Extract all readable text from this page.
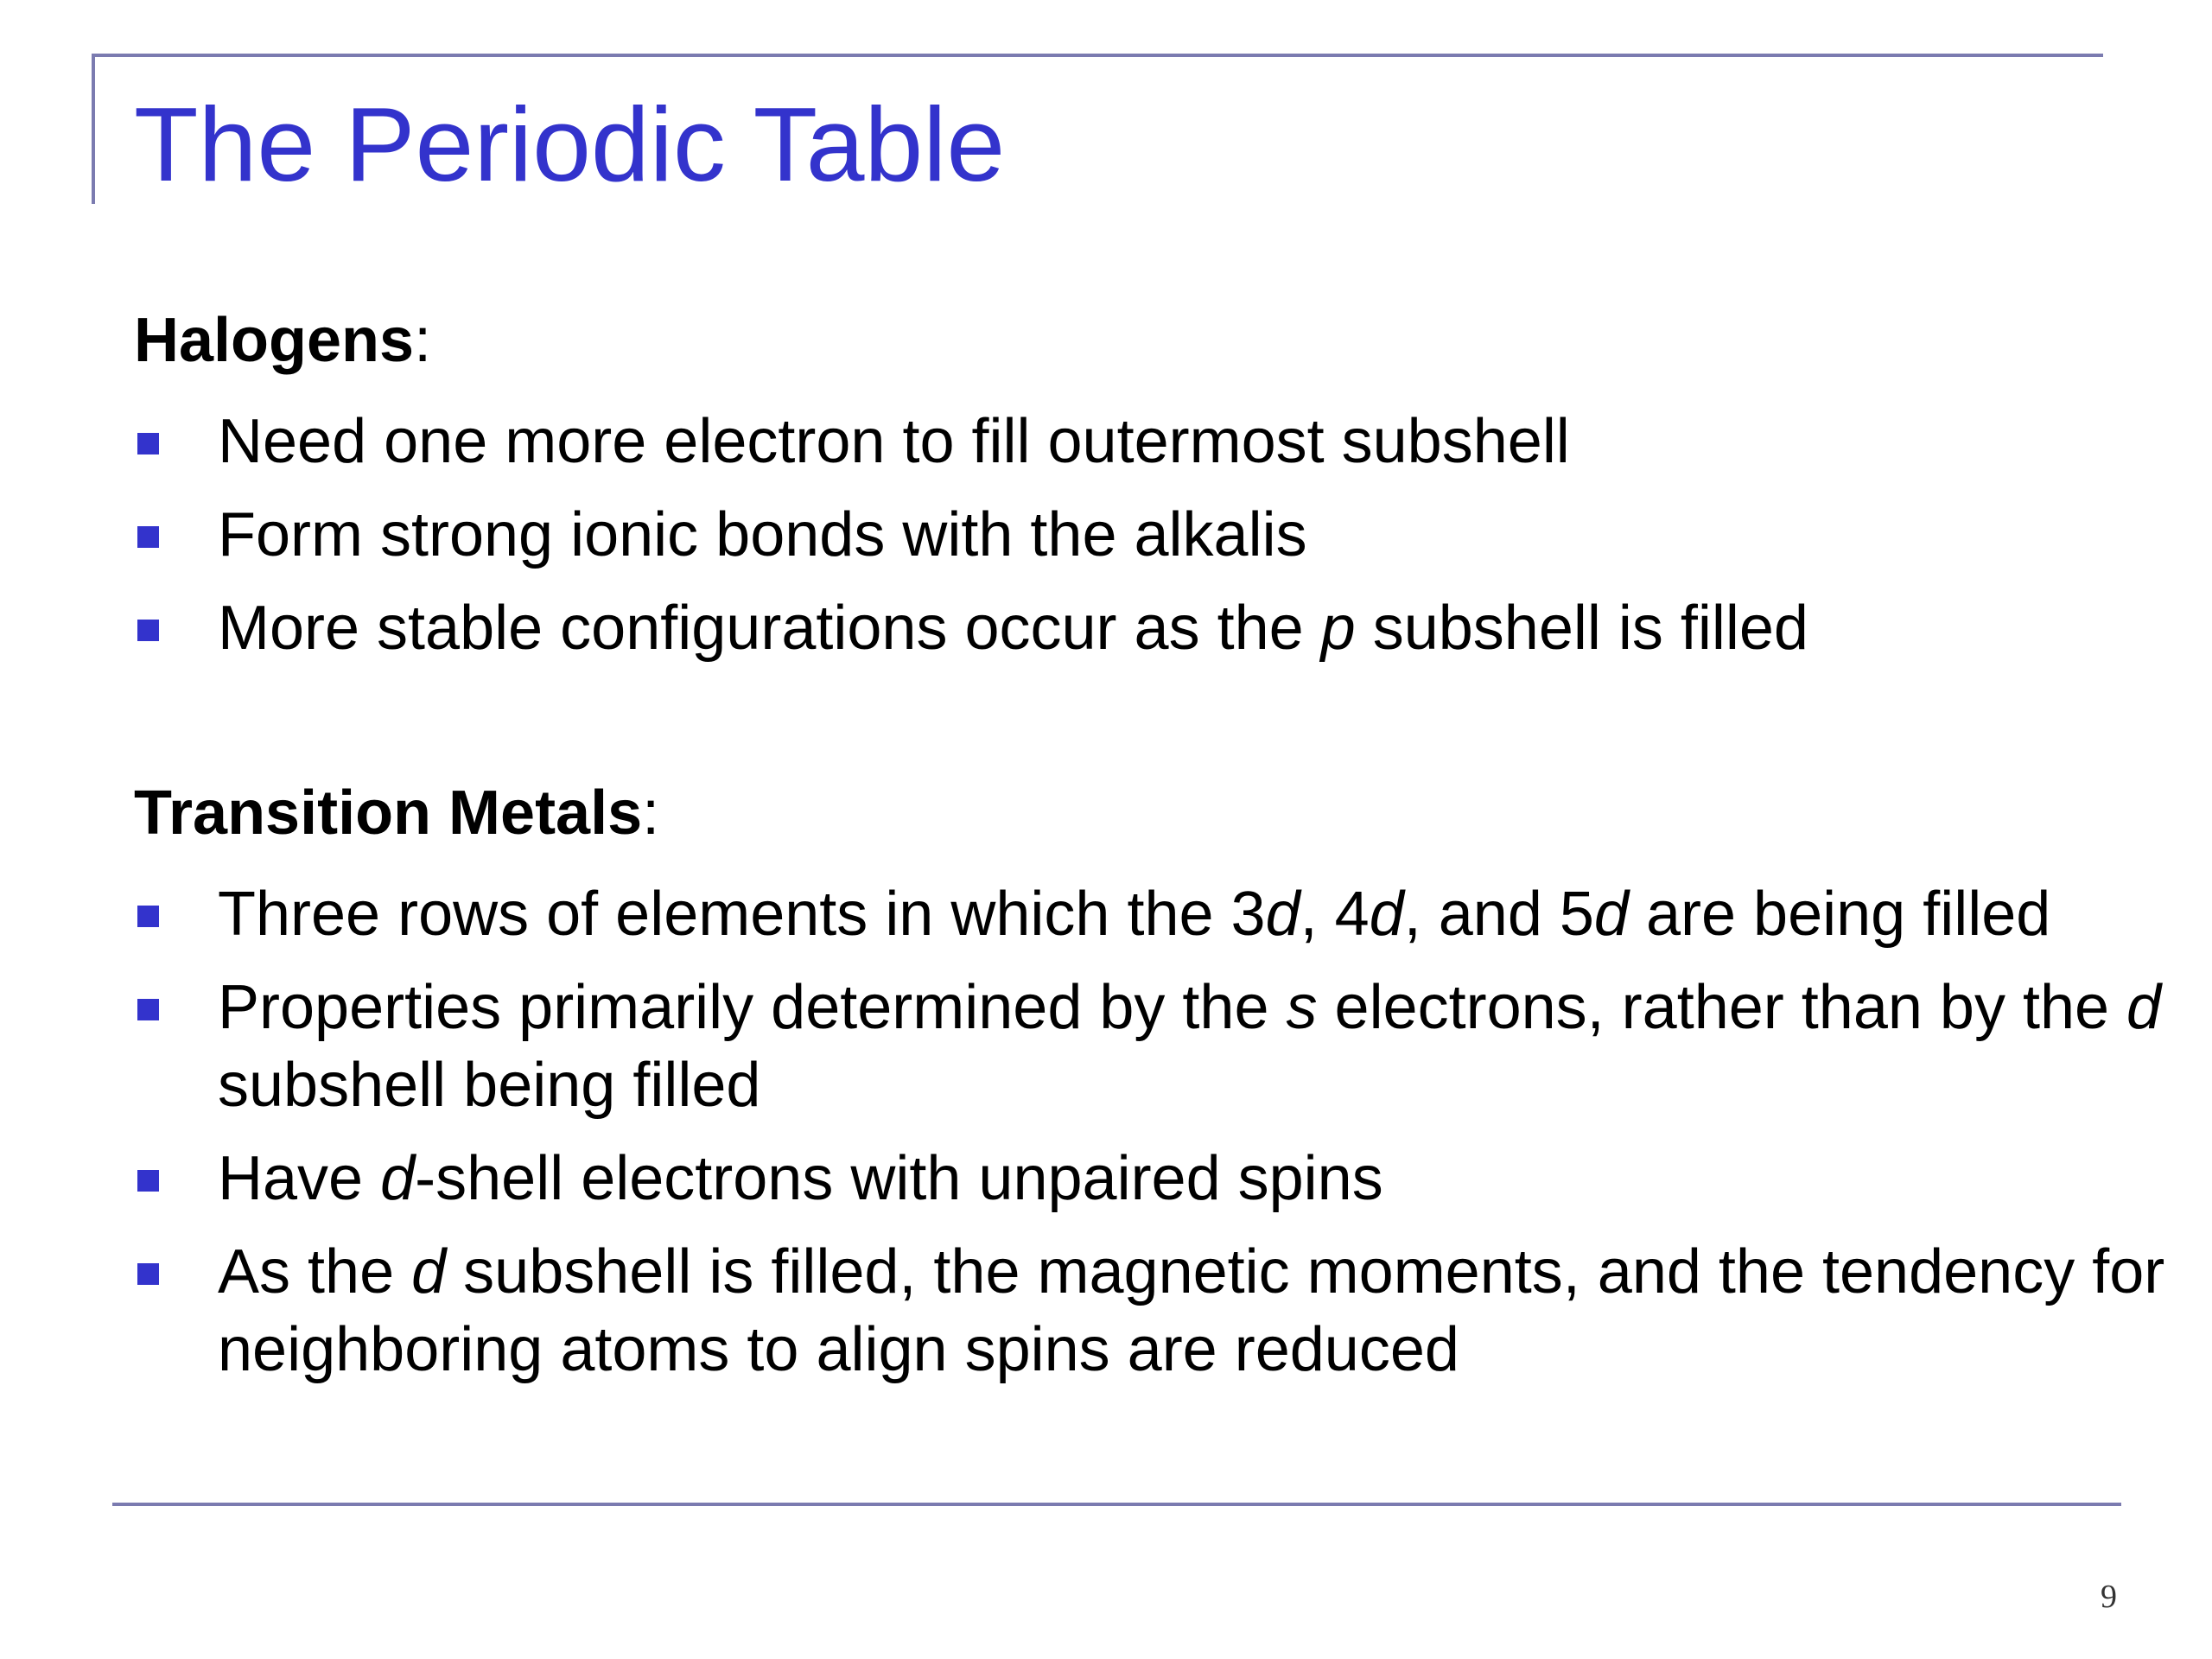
The Periodic Table

Halogens:

Need one more electron to fill outermost subshell
Form strong ionic bonds with the alkalis
More stable configurations occur as the p subshell is filled

Transition Metals:

Three rows of elements in which the 3d, 4d, and 5d are being filled
Properties primarily determined by the s electrons, rather than by the d subshell being filled
Have d-shell electrons with unpaired spins
As the d subshell is filled, the magnetic moments, and the tendency for neighboring atoms to align spins are reduced
9
